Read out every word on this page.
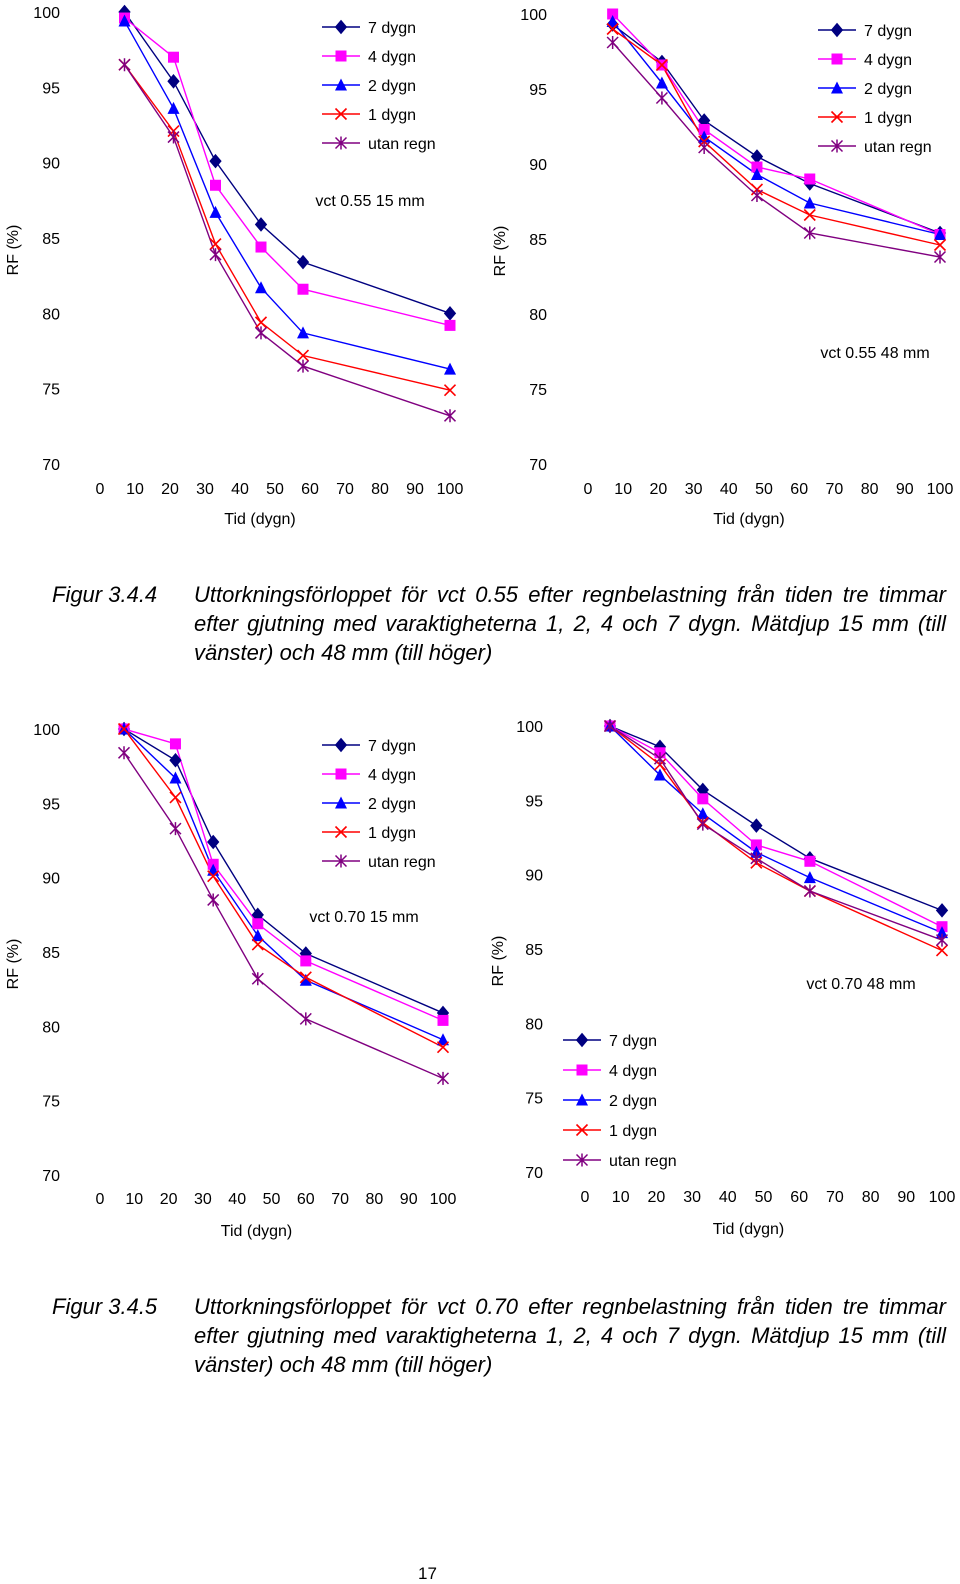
70
75
80
85
90
95
100
0 10 20 30 40 50 60 70 80 90 100
Tid (dygn)
RF (%)
vct 0.55 15 mm
7 dygn
4 dygn
2 dygn
1 dygn
utan regn
70
75
80
85
90
95
100
0 10 20 30 40 50 60 70 80 90 100
Tid (dygn)
RF (%)
vct 0.55 48 mm
7 dygn
4 dygn
2 dygn
1 dygn
utan regn
Figur 3.4.4 Uttorkningsförloppet för vct 0.55 efter regnbelastning från tiden tre timmar efter gjutning med varaktigheterna 1, 2, 4 och 7 dygn. Mätdjup 15 mm (till vänster) och 48 mm (till höger)
70
75
80
85
90
95
100
0 10 20 30 40 50 60 70 80 90 100
Tid (dygn)
RF (%)
vct 0.70 15 mm
7 dygn
4 dygn
2 dygn
1 dygn
utan regn
70
75
80
85
90
95
100
0 10 20 30 40 50 60 70 80 90 100
Tid (dygn)
RF (%)	vct 0.70 48 mm
7 dygn
4 dygn
2 dygn
1 dygn
utan regn
Figur 3.4.5 Uttorkningsförloppet för vct 0.70 efter regnbelastning från tiden tre timmar efter gjutning med varaktigheterna 1, 2, 4 och 7 dygn. Mätdjup 15 mm (till vänster) och 48 mm (till höger)
17
